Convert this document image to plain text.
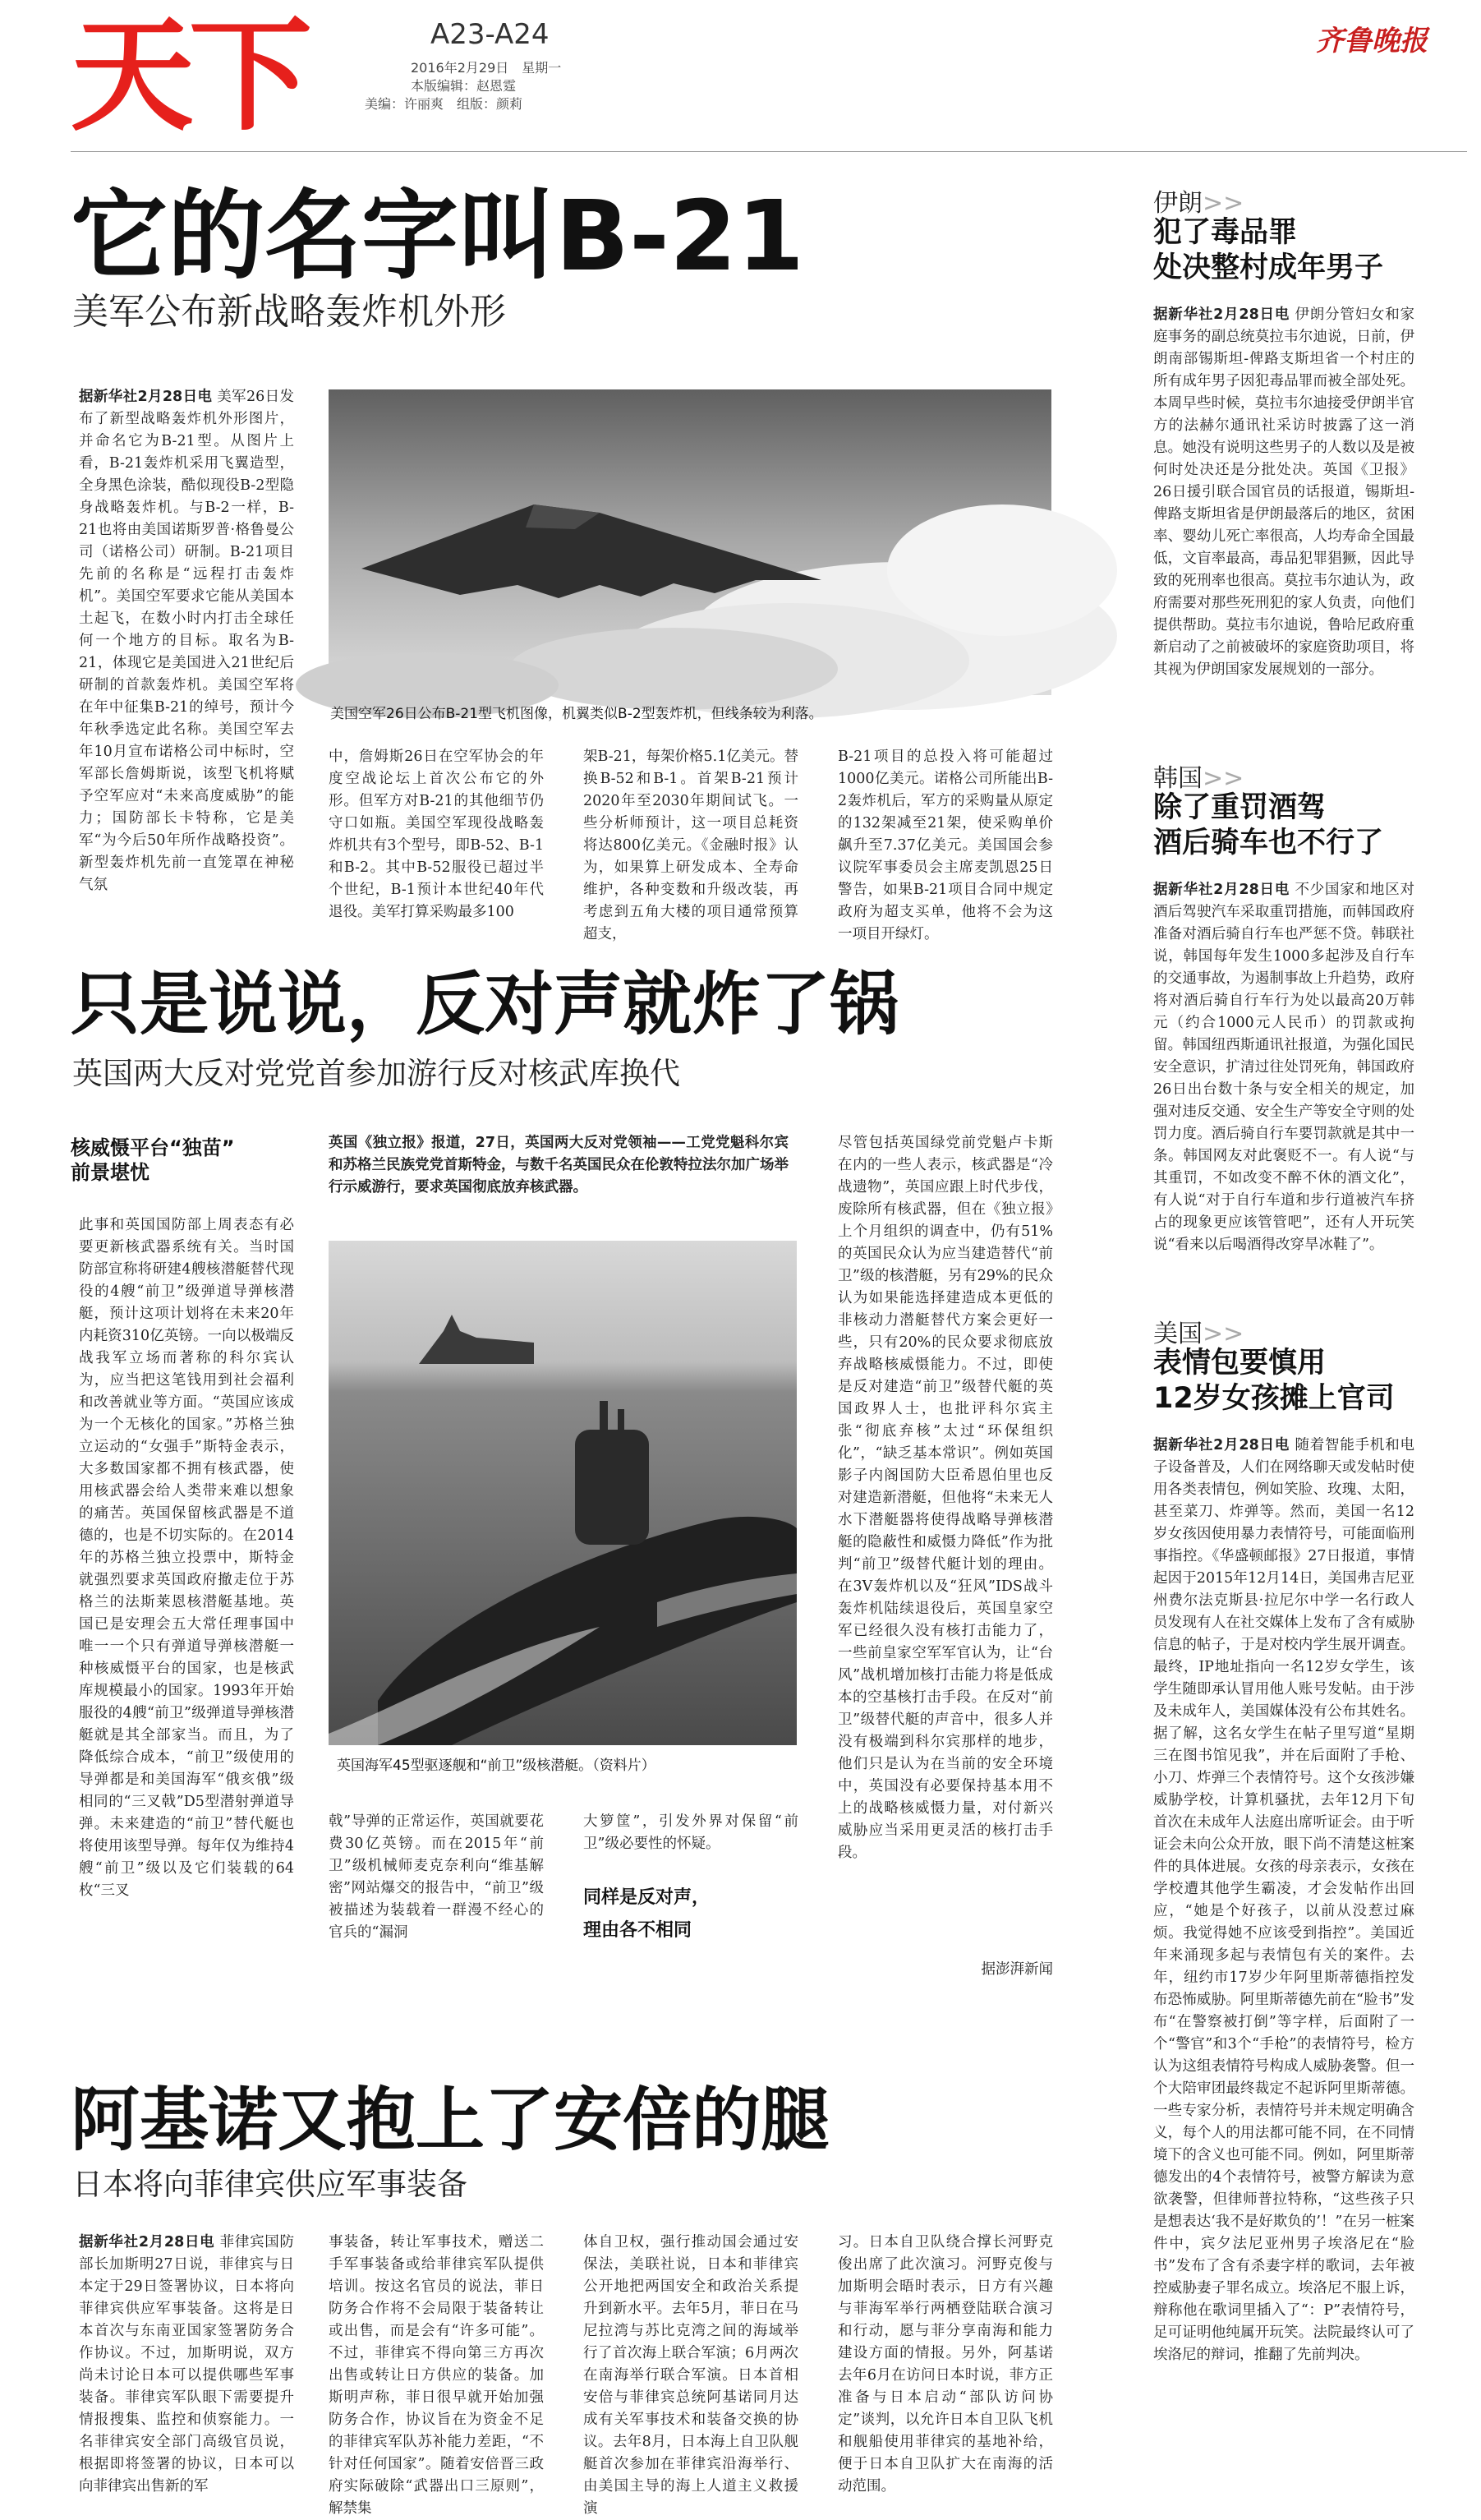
天下	A23-A24
2016年2月29日　星期一
本版编辑：赵恩霆
美编：许丽爽　组版：颜莉
齐鲁晚报
它的名字叫B-21
美军公布新战略轰炸机外形
据新华社2月28日电 美军26日发布了新型战略轰炸机外形图片，并命名它为B-21型。从图片上看，B-21轰炸机采用飞翼造型，全身黑色涂装，酷似现役B-2型隐身战略轰炸机。与B-2一样，B-21也将由美国诺斯罗普·格鲁曼公司（诺格公司）研制。B-21项目先前的名称是“远程打击轰炸机”。美国空军要求它能从美国本土起飞，在数小时内打击全球任何一个地方的目标。取名为B-21，体现它是美国进入21世纪后研制的首款轰炸机。美国空军将在年中征集B-21的绰号，预计今年秋季选定此名称。美国空军去年10月宣布诺格公司中标时，空军部长詹姆斯说，该型飞机将赋予空军应对“未来高度威胁”的能力；国防部长卡特称，它是美军“为今后50年所作战略投资”。新型轰炸机先前一直笼罩在神秘气氛
美国空军26日公布B-21型飞机图像，机翼类似B-2型轰炸机，但线条较为利落。
中，詹姆斯26日在空军协会的年度空战论坛上首次公布它的外形。但军方对B-21的其他细节仍守口如瓶。美国空军现役战略轰炸机共有3个型号，即B-52、B-1和B-2。其中B-52服役已超过半个世纪，B-1预计本世纪40年代退役。美军打算采购最多100
架B-21，每架价格5.1亿美元。替换B-52和B-1。首架B-21预计2020年至2030年期间试飞。一些分析师预计，这一项目总耗资将达800亿美元。《金融时报》认为，如果算上研发成本、全寿命维护，各种变数和升级改装，再考虑到五角大楼的项目通常预算超支，
B-21项目的总投入将可能超过1000亿美元。诺格公司所能出B-2轰炸机后，军方的采购量从原定的132架减至21架，使采购单价飙升至7.37亿美元。美国国会参议院军事委员会主席麦凯恩25日警告，如果B-21项目合同中规定政府为超支买单，他将不会为这一项目开绿灯。
只是说说，反对声就炸了锅
英国两大反对党党首参加游行反对核武库换代
核威慑平台“独苗”
前景堪忧
此事和英国国防部上周表态有必要更新核武器系统有关。当时国防部宣称将研建4艘核潜艇替代现役的4艘“前卫”级弹道导弹核潜艇，预计这项计划将在未来20年内耗资310亿英镑。一向以极端反战我军立场而著称的科尔宾认为，应当把这笔钱用到社会福利和改善就业等方面。“英国应该成为一个无核化的国家。”苏格兰独立运动的“女强手”斯特金表示，大多数国家都不拥有核武器，使用核武器会给人类带来难以想象的痛苦。英国保留核武器是不道德的，也是不切实际的。在2014年的苏格兰独立投票中，斯特金就强烈要求英国政府撤走位于苏格兰的法斯莱恩核潜艇基地。英国已是安理会五大常任理事国中唯一一个只有弹道导弹核潜艇一种核威慑平台的国家，也是核武库规模最小的国家。1993年开始服役的4艘“前卫”级弹道导弹核潜艇就是其全部家当。而且，为了降低综合成本，“前卫”级使用的导弹都是和美国海军“俄亥俄”级相同的“三叉戟”D5型潜射弹道导弹。未来建造的“前卫”替代艇也将使用该型导弹。每年仅为维持4艘“前卫”级以及它们装载的64枚“三叉
英国《独立报》报道，27日，英国两大反对党领袖——工党党魁科尔宾和苏格兰民族党党首斯特金，与数千名英国民众在伦敦特拉法尔加广场举行示威游行，要求英国彻底放弃核武器。
英国海军45型驱逐舰和“前卫”级核潜艇。（资料片）
戟”导弹的正常运作，英国就要花费30亿英镑。而在2015年“前卫”级机械师麦克奈利向“维基解密”网站爆交的报告中，“前卫”级被描述为装载着一群漫不经心的官兵的“漏洞
大箩筐”，引发外界对保留“前卫”级必要性的怀疑。
同样是反对声，
理由各不相同
尽管包括英国绿党前党魁卢卡斯在内的一些人表示，核武器是“冷战遗物”，英国应跟上时代步伐，废除所有核武器，但在《独立报》上个月组织的调查中，仍有51%的英国民众认为应当建造替代“前卫”级的核潜艇，另有29%的民众认为如果能选择建造成本更低的非核动力潜艇替代方案会更好一些，只有20%的民众要求彻底放弃战略核威慑能力。不过，即使是反对建造“前卫”级替代艇的英国政界人士，也批评科尔宾主张“彻底弃核”太过“环保组织化”，“缺乏基本常识”。例如英国影子内阁国防大臣希恩伯里也反对建造新潜艇，但他将“未来无人水下潜艇器将使得战略导弹核潜艇的隐蔽性和威慑力降低”作为批判“前卫”级替代艇计划的理由。在3V轰炸机以及“狂风”IDS战斗轰炸机陆续退役后，英国皇家空军已经很久没有核打击能力了，一些前皇家空军军官认为，让“台风”战机增加核打击能力将是低成本的空基核打击手段。在反对“前卫”级替代艇的声音中，很多人并没有极端到科尔宾那样的地步，他们只是认为在当前的安全环境中，英国没有必要保持基本用不上的战略核威慑力量，对付新兴威胁应当采用更灵活的核打击手段。
据澎湃新闻
阿基诺又抱上了安倍的腿
日本将向菲律宾供应军事装备
据新华社2月28日电 菲律宾国防部长加斯明27日说，菲律宾与日本定于29日签署协议，日本将向菲律宾供应军事装备。这将是日本首次与东南亚国家签署防务合作协议。不过，加斯明说，双方尚未讨论日本可以提供哪些军事装备。菲律宾军队眼下需要提升情报搜集、监控和侦察能力。一名菲律宾安全部门高级官员说，根据即将签署的协议，日本可以向菲律宾出售新的军
事装备，转让军事技术，赠送二手军事装备或给菲律宾军队提供培训。按这名官员的说法，菲日防务合作将不会局限于装备转让或出售，而是会有“许多可能”。不过，菲律宾不得向第三方再次出售或转让日方供应的装备。加斯明声称，菲日很早就开始加强防务合作，协议旨在为资金不足的菲律宾军队苏补能力差距，“不针对任何国家”。随着安倍晋三政府实际破除“武器出口三原则”，解禁集
体自卫权，强行推动国会通过安保法，美联社说，日本和菲律宾公开地把两国安全和政治关系提升到新水平。去年5月，菲日在马尼拉湾与苏比克湾之间的海域举行了首次海上联合军演；6月两次在南海举行联合军演。日本首相安倍与菲律宾总统阿基诺同月达成有关军事技术和装备交换的协议。去年8月，日本海上自卫队舰艇首次参加在菲律宾沿海举行、由美国主导的海上人道主义救援演
习。日本自卫队绕合撑长河野克俊出席了此次演习。河野克俊与加斯明会晤时表示，日方有兴趣与菲海军举行两栖登陆联合演习和行动，愿与菲分享南海和能力建设方面的情报。另外，阿基诺去年6月在访问日本时说，菲方正准备与日本启动“部队访问协定”谈判，以允许日本自卫队飞机和舰船使用菲律宾的基地补给，便于日本自卫队扩大在南海的活动范围。
伊朗>>
犯了毒品罪
处决整村成年男子
据新华社2月28日电 伊朗分管妇女和家庭事务的副总统莫拉韦尔迪说，日前，伊朗南部锡斯坦-俾路支斯坦省一个村庄的所有成年男子因犯毒品罪而被全部处死。本周早些时候，莫拉韦尔迪接受伊朗半官方的法赫尔通讯社采访时披露了这一消息。她没有说明这些男子的人数以及是被何时处决还是分批处决。英国《卫报》26日援引联合国官员的话报道，锡斯坦-俾路支斯坦省是伊朗最落后的地区，贫困率、婴幼儿死亡率很高，人均寿命全国最低，文盲率最高，毒品犯罪猖獗，因此导致的死刑率也很高。莫拉韦尔迪认为，政府需要对那些死刑犯的家人负责，向他们提供帮助。莫拉韦尔迪说，鲁哈尼政府重新启动了之前被破坏的家庭资助项目，将其视为伊朗国家发展规划的一部分。
韩国>>
除了重罚酒驾
酒后骑车也不行了
据新华社2月28日电 不少国家和地区对酒后驾驶汽车采取重罚措施，而韩国政府准备对酒后骑自行车也严惩不贷。韩联社说，韩国每年发生1000多起涉及自行车的交通事故，为遏制事故上升趋势，政府将对酒后骑自行车行为处以最高20万韩元（约合1000元人民币）的罚款或拘留。韩国纽西斯通讯社报道，为强化国民安全意识，扩清过往处罚死角，韩国政府26日出台数十条与安全相关的规定，加强对违反交通、安全生产等安全守则的处罚力度。酒后骑自行车要罚款就是其中一条。韩国网友对此褒贬不一。有人说“与其重罚，不如改变不醉不休的酒文化”，有人说“对于自行车道和步行道被汽车挤占的现象更应该管管吧”，还有人开玩笑说“看来以后喝酒得改穿旱冰鞋了”。
美国>>
表情包要慎用
12岁女孩摊上官司
据新华社2月28日电 随着智能手机和电子设备普及，人们在网络聊天或发帖时使用各类表情包，例如笑脸、玫瑰、太阳，甚至菜刀、炸弹等。然而，美国一名12岁女孩因使用暴力表情符号，可能面临刑事指控。《华盛顿邮报》27日报道，事情起因于2015年12月14日，美国弗吉尼亚州费尔法克斯县·拉尼尔中学一名行政人员发现有人在社交媒体上发布了含有威胁信息的帖子，于是对校内学生展开调查。最终，IP地址指向一名12岁女学生，该学生随即承认冒用他人账号发帖。由于涉及未成年人，美国媒体没有公布其姓名。据了解，这名女学生在帖子里写道“星期三在图书馆见我”，并在后面附了手枪、小刀、炸弹三个表情符号。这个女孩涉嫌威胁学校，计算机骚扰，去年12月下旬首次在未成年人法庭出席听证会。由于听证会未向公众开放，眼下尚不清楚这桩案件的具体进展。女孩的母亲表示，女孩在学校遭其他学生霸凌，才会发帖作出回应，“她是个好孩子，以前从没惹过麻烦。我觉得她不应该受到指控”。美国近年来涌现多起与表情包有关的案件。去年，纽约市17岁少年阿里斯蒂德指控发布恐怖威胁。阿里斯蒂德先前在“脸书”发布“在警察被打倒”等字样，后面附了一个“警官”和3个“手枪”的表情符号，检方认为这组表情符号构成人威胁袭警。但一个大陪审团最终裁定不起诉阿里斯蒂德。一些专家分析，表情符号并未规定明确含义，每个人的用法都可能不同，在不同情境下的含义也可能不同。例如，阿里斯蒂德发出的4个表情符号，被警方解读为意欲袭警，但律师普拉特称，“这些孩子只是想表达‘我不是好欺负的’！”在另一桩案件中，宾夕法尼亚州男子埃洛尼在“脸书”发布了含有杀妻字样的歌词，去年被控威胁妻子罪名成立。埃洛尼不服上诉，辩称他在歌词里插入了“：P”表情符号，足可证明他纯属开玩笑。法院最终认可了埃洛尼的辩词，推翻了先前判决。
